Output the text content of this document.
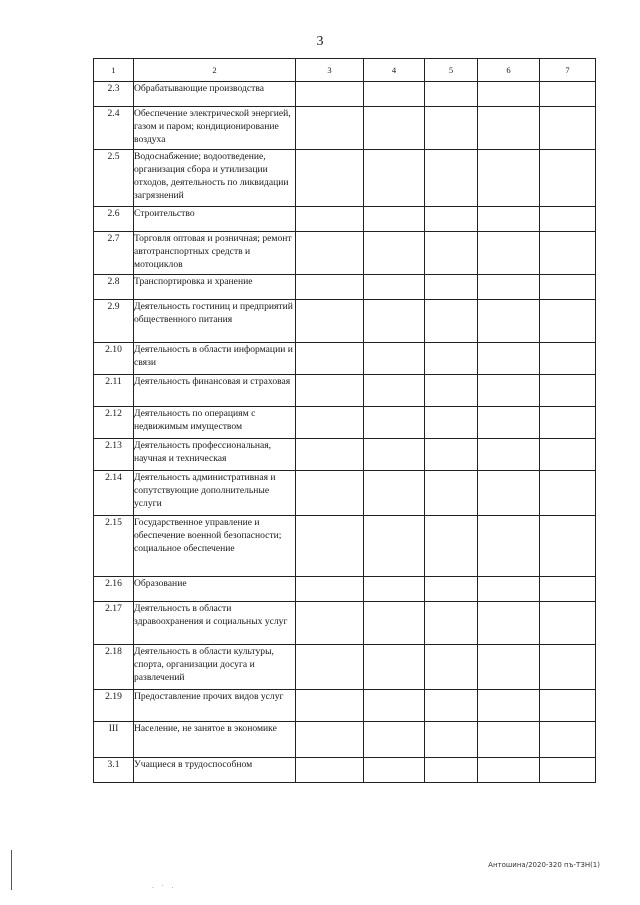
3
1	2	3	4	5	6	7
2.3	Обрабатывающие производства					
2.4	Обеспечение электрической энергией, газом и паром; кондиционирование воздуха					
2.5	Водоснабжение; водоотведение, организация сбора и утилизации отходов, деятельность по ликвидации загрязнений					
2.6	Строительство					
2.7	Торговля оптовая и розничная; ремонт автотранспортных средств и мотоциклов					
2.8	Транспортировка и хранение					
2.9	Деятельность гостиниц и предприятий общественного питания					
2.10	Деятельность в области информации и связи					
2.11	Деятельность финансовая и страховая					
2.12	Деятельность по операциям с недвижимым имуществом					
2.13	Деятельность профессиональная, научная и техническая					
2.14	Деятельность административная и сопутствующие дополнительные услуги					
2.15	Государственное управление и обеспечение военной безопасности; социальное обеспечение					
2.16	Образование					
2.17	Деятельность в области здравоохранения и социальных услуг					
2.18	Деятельность в области культуры, спорта, организации досуга и развлечений					
2.19	Предоставление прочих видов услуг					
III	Население, не занятое в экономике					
3.1	Учащиеся в трудоспособном					
Антошина/2020-320 пъ-ТЗН(1)
. · .
